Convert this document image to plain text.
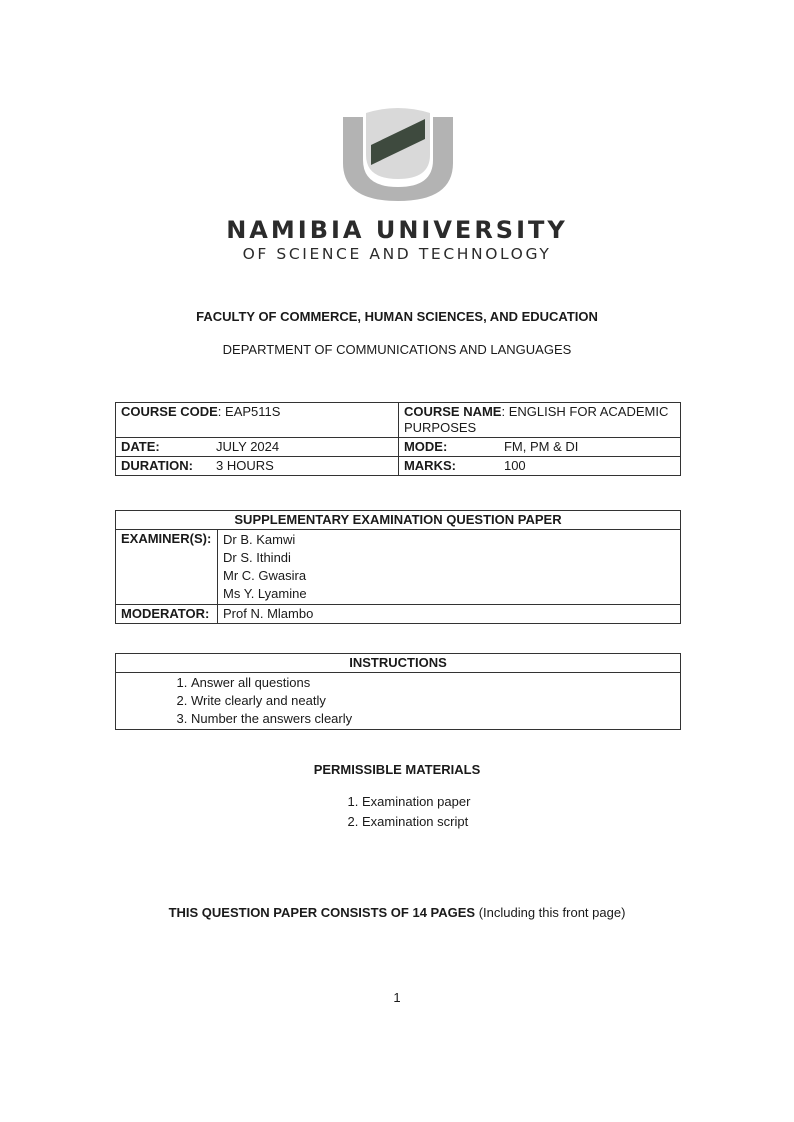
NAMIBIA UNIVERSITY
OF SCIENCE AND TECHNOLOGY
FACULTY OF COMMERCE, HUMAN SCIENCES, AND EDUCATION
DEPARTMENT OF COMMUNICATIONS AND LANGUAGES
COURSE CODE: EAP511S	COURSE NAME: ENGLISH FOR ACADEMIC PURPOSES
DATE: JULY 2024	MODE: FM, PM & DI
DURATION: 3 HOURS	MARKS: 100
SUPPLEMENTARY EXAMINATION QUESTION PAPER	
EXAMINER(S):	Dr B. Kamwi
Dr S. Ithindi
Mr C. Gwasira
Ms Y. Lyamine

MODERATOR:	Prof N. Mlambo
INSTRUCTIONS

1. Answer all questions
2. Write clearly and neatly
3. Number the answers clearly
PERMISSIBLE MATERIALS
1. Examination paper
2. Examination script
THIS QUESTION PAPER CONSISTS OF 14 PAGES (Including this front page)
1
